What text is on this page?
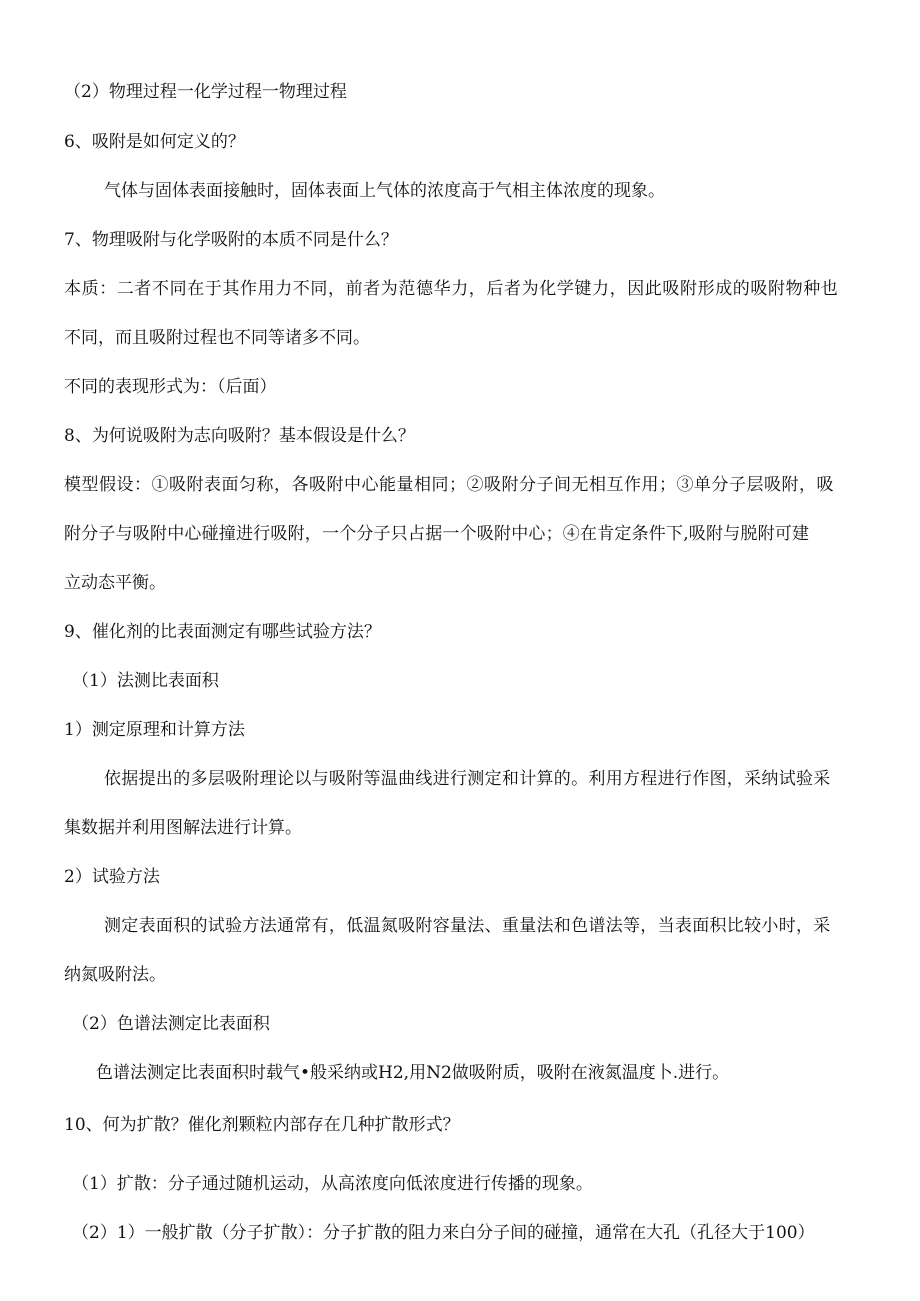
（2）物理过程一化学过程一物理过程
6、吸附是如何定义的？
气体与固体表面接触时，固体表面上气体的浓度高于气相主体浓度的现象。
7、物理吸附与化学吸附的本质不同是什么？
本质：二者不同在于其作用力不同，前者为范德华力，后者为化学键力，因此吸附形成的吸附物种也
不同，而且吸附过程也不同等诸多不同。
不同的表现形式为：（后面）
8、为何说吸附为志向吸附？基本假设是什么？
模型假设：①吸附表面匀称，各吸附中心能量相同；②吸附分子间无相互作用；③单分子层吸附，吸
附分子与吸附中心碰撞进行吸附，一个分子只占据一个吸附中心；④在肯定条件下,吸附与脱附可建
立动态平衡。
9、催化剂的比表面测定有哪些试验方法？
（1）法测比表面积
1）测定原理和计算方法
依据提出的多层吸附理论以与吸附等温曲线进行测定和计算的。利用方程进行作图，采纳试验采
集数据并利用图解法进行计算。
2）试验方法
测定表面积的试验方法通常有，低温氮吸附容量法、重量法和色谱法等，当表面积比较小时，采
纳氮吸附法。
（2）色谱法测定比表面积
色谱法测定比表面积时载气•般采纳或H2,用N2做吸附质，吸附在液氮温度卜.进行。
10、何为扩散？催化剂颗粒内部存在几种扩散形式？
（1）扩散：分子通过随机运动，从高浓度向低浓度进行传播的现象。
（2）1）一般扩散（分子扩散）：分子扩散的阻力来白分子间的碰撞，通常在大孔（孔径大于100）
